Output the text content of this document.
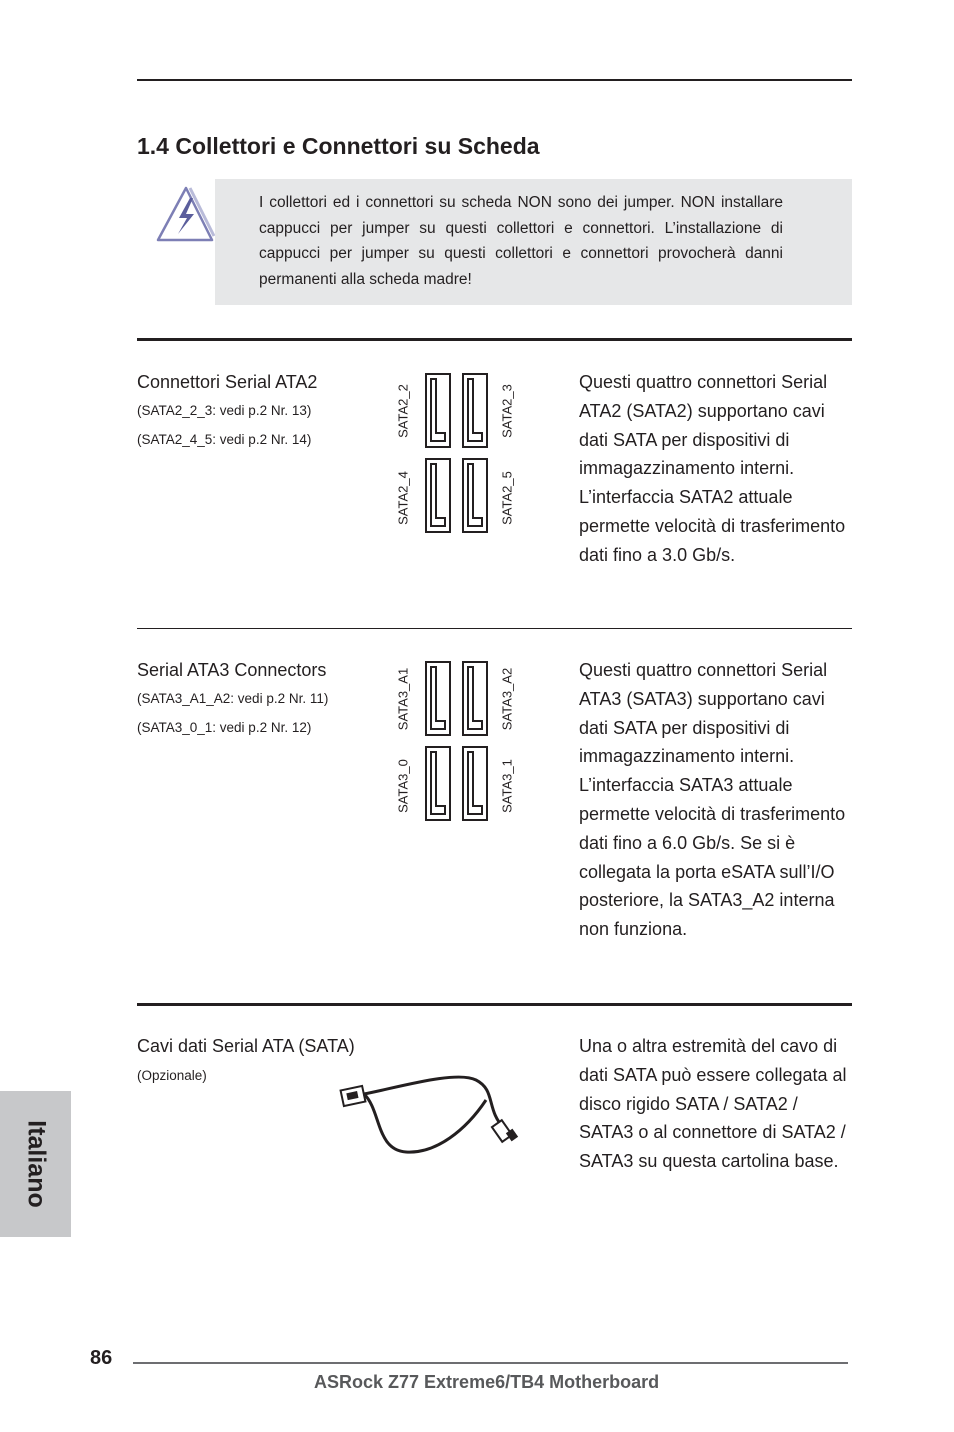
1.4 Collettori e Connettori su Scheda
I collettori ed i connettori su scheda NON sono dei jumper. NON installare cappucci per jumper su questi collettori e connettori. L’installazione di cappucci per jumper su questi collettori e connettori provocherà danni permanenti alla scheda madre!
Connettori Serial ATA2
(SATA2_2_3: vedi p.2 Nr. 13)
(SATA2_4_5: vedi p.2 Nr. 14)
SATA2_2	SATA2_3
SATA2_4	SATA2_5
Questi quattro connettori Serial ATA2 (SATA2) supportano cavi dati SATA per dispositivi di immagazzinamento interni. L’interfaccia SATA2 attuale permette velocità di trasferimento dati fino a 3.0 Gb/s.
Serial ATA3 Connectors
(SATA3_A1_A2: vedi p.2 Nr. 11)
(SATA3_0_1: vedi p.2 Nr. 12)	SATA3_A1	SATA3_A2
SATA3_0	SATA3_1
Questi quattro connettori Serial ATA3 (SATA3) supportano cavi dati SATA per dispositivi di immagazzinamento interni. L’interfaccia SATA3 attuale permette velocità di trasferimento dati fino a 6.0 Gb/s. Se si è collegata la porta eSATA sull’I/O posteriore, la SATA3_A2 interna non funziona.
Cavi dati Serial ATA (SATA)
(Opzionale)
Una o altra estremità del cavo di dati SATA può essere collegata al disco rigido SATA / SATA2 / SATA3 o al connettore di SATA2 / SATA3 su questa cartolina base.
Italiano
86
ASRock Z77 Extreme6/TB4 Motherboard
